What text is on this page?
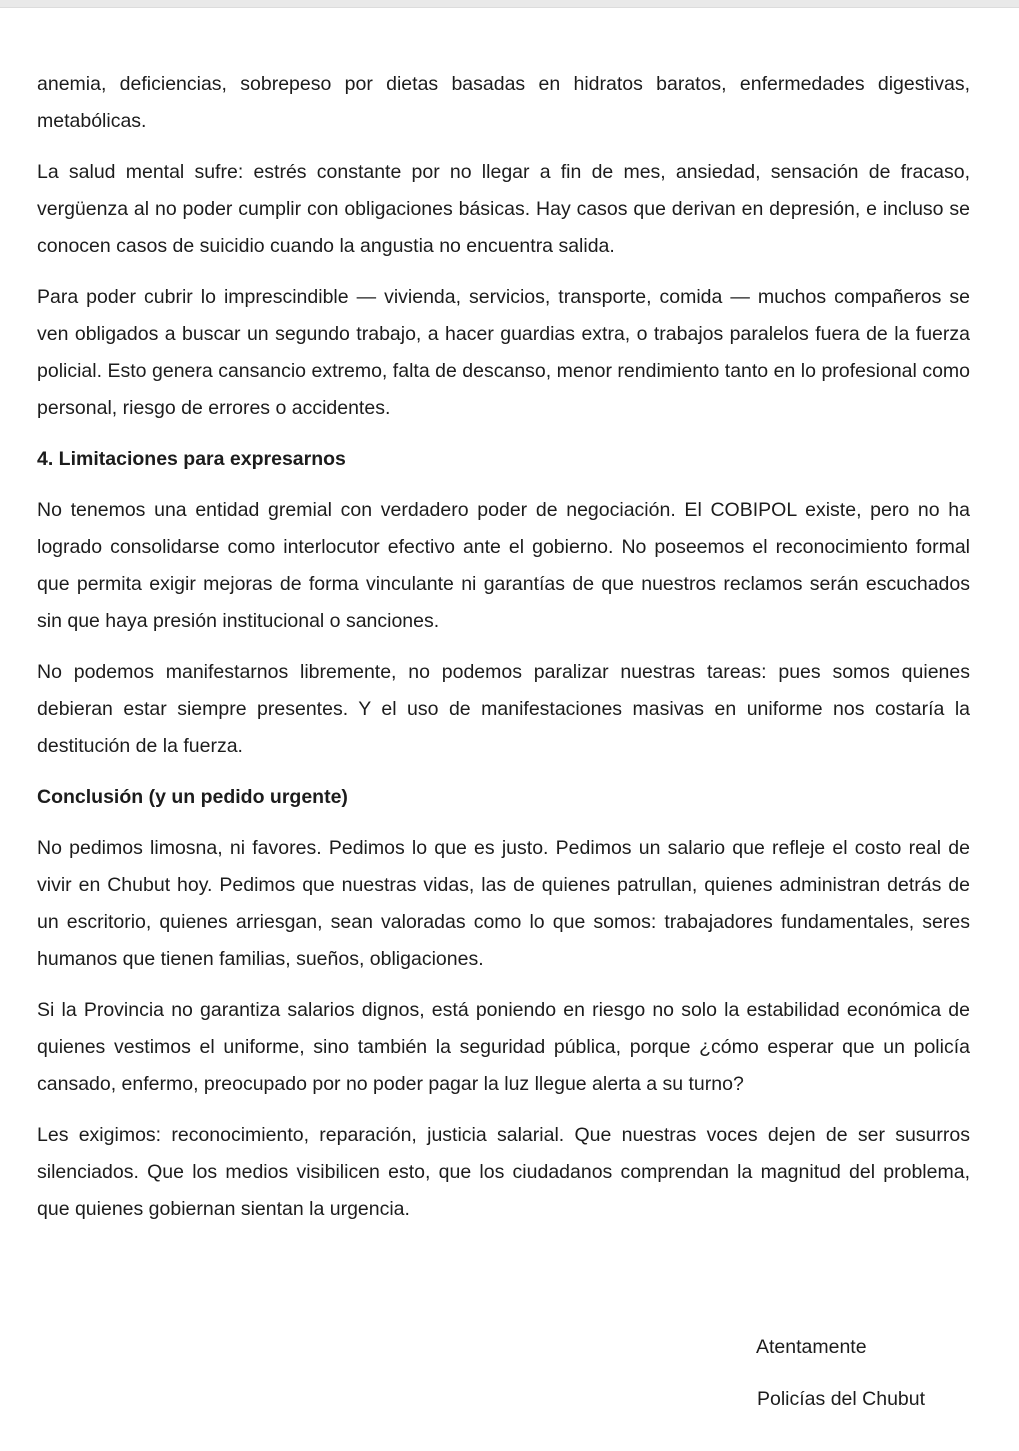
anemia, deficiencias, sobrepeso por dietas basadas en hidratos baratos, enfermedades digestivas, metabólicas.

La salud mental sufre: estrés constante por no llegar a fin de mes, ansiedad, sensación de fracaso, vergüenza al no poder cumplir con obligaciones básicas. Hay casos que derivan en depresión, e incluso se conocen casos de suicidio cuando la angustia no encuentra salida.

Para poder cubrir lo imprescindible — vivienda, servicios, transporte, comida — muchos compañeros se ven obligados a buscar un segundo trabajo, a hacer guardias extra, o trabajos paralelos fuera de la fuerza policial. Esto genera cansancio extremo, falta de descanso, menor rendimiento tanto en lo profesional como personal, riesgo de errores o accidentes.

4. Limitaciones para expresarnos

No tenemos una entidad gremial con verdadero poder de negociación. El COBIPOL existe, pero no ha logrado consolidarse como interlocutor efectivo ante el gobierno. No poseemos el reconocimiento formal que permita exigir mejoras de forma vinculante ni garantías de que nuestros reclamos serán escuchados sin que haya presión institucional o sanciones.

No podemos manifestarnos libremente, no podemos paralizar nuestras tareas: pues somos quienes debieran estar siempre presentes. Y el uso de manifestaciones masivas en uniforme nos costaría la destitución de la fuerza.

Conclusión (y un pedido urgente)

No pedimos limosna, ni favores. Pedimos lo que es justo. Pedimos un salario que refleje el costo real de vivir en Chubut hoy. Pedimos que nuestras vidas, las de quienes patrullan, quienes administran detrás de un escritorio, quienes arriesgan, sean valoradas como lo que somos: trabajadores fundamentales, seres humanos que tienen familias, sueños, obligaciones.

Si la Provincia no garantiza salarios dignos, está poniendo en riesgo no solo la estabilidad económica de quienes vestimos el uniforme, sino también la seguridad pública, porque ¿cómo esperar que un policía cansado, enfermo, preocupado por no poder pagar la luz llegue alerta a su turno?

Les exigimos: reconocimiento, reparación, justicia salarial. Que nuestras voces dejen de ser susurros silenciados. Que los medios visibilicen esto, que los ciudadanos comprendan la magnitud del problema, que quienes gobiernan sientan la urgencia.

Atentamente
Policías del Chubut
